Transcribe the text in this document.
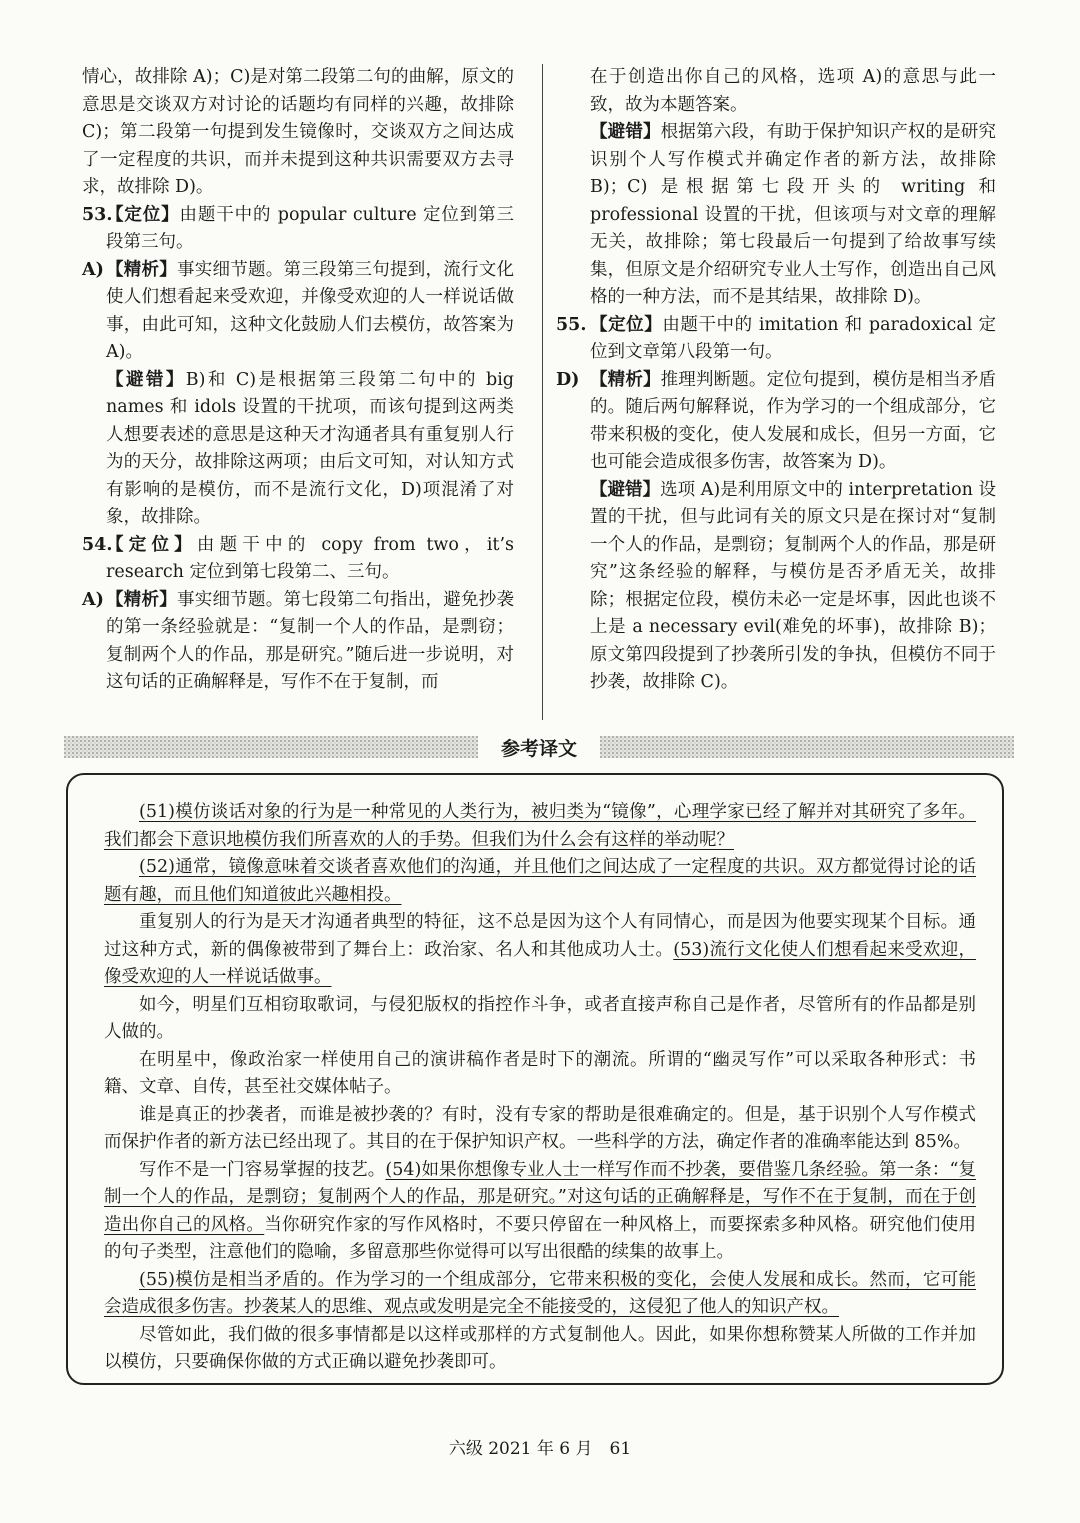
情心，故排除 A)；C)是对第二段第二句的曲解，原文的意思是交谈双方对讨论的话题均有同样的兴趣，故排除 C)；第二段第一句提到发生镜像时，交谈双方之间达成了一定程度的共识，而并未提到这种共识需要双方去寻求，故排除 D)。
53.
【定位】由题干中的 popular culture 定位到第三段第三句。
A) 【精析】事实细节题。第三段第三句提到，流行文化使人们想看起来受欢迎，并像受欢迎的人一样说话做事，由此可知，这种文化鼓励人们去模仿，故答案为 A)。
【避错】B)和 C)是根据第三段第二句中的 big names 和 idols 设置的干扰项，而该句提到这两类人想要表述的意思是这种天才沟通者具有重复别人行为的天分，故排除这两项；由后文可知，对认知方式有影响的是模仿，而不是流行文化，D)项混淆了对象，故排除。
54.
【定位】由题干中的 copy from two，it’s research 定位到第七段第二、三句。
A) 【精析】事实细节题。第七段第二句指出，避免抄袭的第一条经验就是：“复制一个人的作品，是剽窃；复制两个人的作品，那是研究。”随后进一步说明，对这句话的正确解释是，写作不在于复制，而
在于创造出你自己的风格，选项 A)的意思与此一致，故为本题答案。
【避错】根据第六段，有助于保护知识产权的是研究识别个人写作模式并确定作者的新方法，故排除 B)；C) 是根据第七段开头的 writing 和 professional 设置的干扰，但该项与对文章的理解无关，故排除；第七段最后一句提到了给故事写续集，但原文是介绍研究专业人士写作，创造出自己风格的一种方法，而不是其结果，故排除 D)。
55. 【定位】由题干中的 imitation 和 paradoxical 定位到文章第八段第一句。
D) 【精析】推理判断题。定位句提到，模仿是相当矛盾的。随后两句解释说，作为学习的一个组成部分，它带来积极的变化，使人发展和成长，但另一方面，它也可能会造成很多伤害，故答案为 D)。
【避错】选项 A)是利用原文中的 interpretation 设置的干扰，但与此词有关的原文只是在探讨对“复制一个人的作品，是剽窃；复制两个人的作品，那是研究”这条经验的解释，与模仿是否矛盾无关，故排除；根据定位段，模仿未必一定是坏事，因此也谈不上是 a necessary evil(难免的坏事)，故排除 B)；原文第四段提到了抄袭所引发的争执，但模仿不同于抄袭，故排除 C)。
参考译文

(51)模仿谈话对象的行为是一种常见的人类行为，被归类为“镜像”，心理学家已经了解并对其研究了多年。我们都会下意识地模仿我们所喜欢的人的手势。但我们为什么会有这样的举动呢？

(52)通常，镜像意味着交谈者喜欢他们的沟通，并且他们之间达成了一定程度的共识。双方都觉得讨论的话题有趣，而且他们知道彼此兴趣相投。

重复别人的行为是天才沟通者典型的特征，这不总是因为这个人有同情心，而是因为他要实现某个目标。通过这种方式，新的偶像被带到了舞台上：政治家、名人和其他成功人士。(53)流行文化使人们想看起来受欢迎，像受欢迎的人一样说话做事。

如今，明星们互相窃取歌词，与侵犯版权的指控作斗争，或者直接声称自己是作者，尽管所有的作品都是别人做的。

在明星中，像政治家一样使用自己的演讲稿作者是时下的潮流。所谓的“幽灵写作”可以采取各种形式：书籍、文章、自传，甚至社交媒体帖子。

谁是真正的抄袭者，而谁是被抄袭的？有时，没有专家的帮助是很难确定的。但是，基于识别个人写作模式而保护作者的新方法已经出现了。其目的在于保护知识产权。一些科学的方法，确定作者的准确率能达到 85%。

写作不是一门容易掌握的技艺。(54)如果你想像专业人士一样写作而不抄袭，要借鉴几条经验。第一条：“复制一个人的作品，是剽窃；复制两个人的作品，那是研究。”对这句话的正确解释是，写作不在于复制，而在于创造出你自己的风格。当你研究作家的写作风格时，不要只停留在一种风格上，而要探索多种风格。研究他们使用的句子类型，注意他们的隐喻，多留意那些你觉得可以写出很酷的续集的故事上。

(55)模仿是相当矛盾的。作为学习的一个组成部分，它带来积极的变化，会使人发展和成长。然而，它可能会造成很多伤害。抄袭某人的思维、观点或发明是完全不能接受的，这侵犯了他人的知识产权。

尽管如此，我们做的很多事情都是以这样或那样的方式复制他人。因此，如果你想称赞某人所做的工作并加以模仿，只要确保你做的方式正确以避免抄袭即可。

六级 2021 年 6 月　61
